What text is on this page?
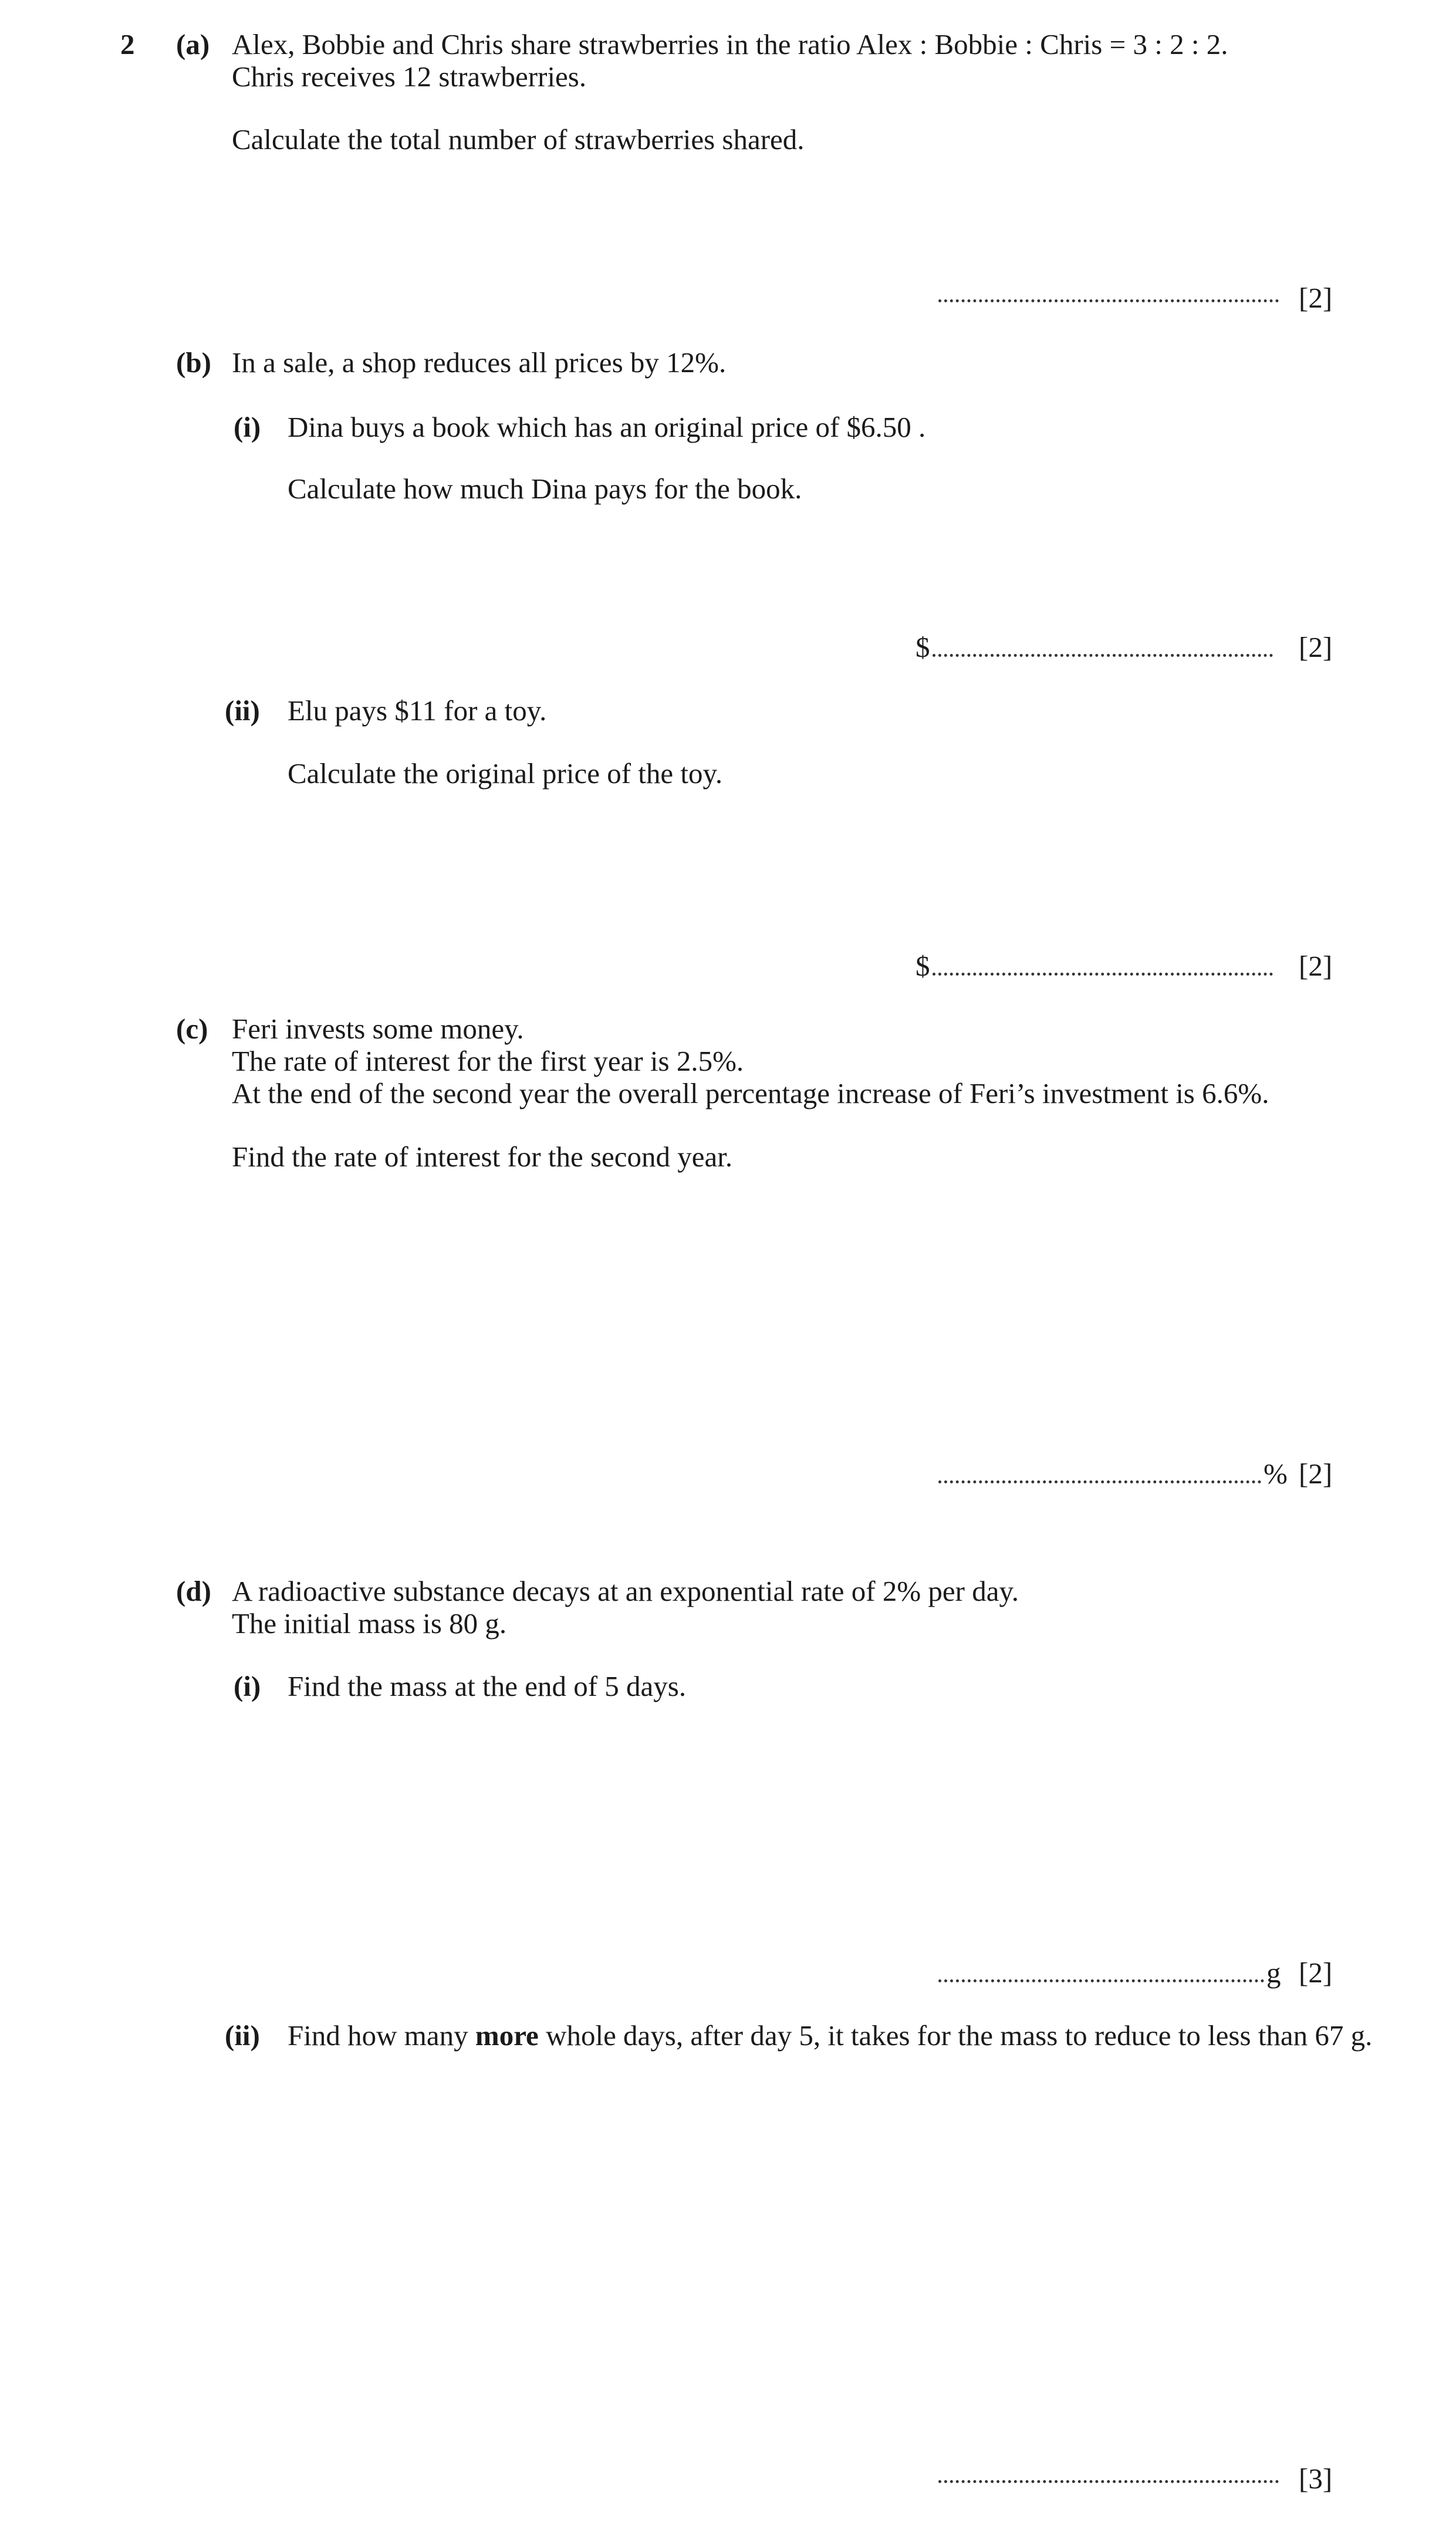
2 (a) Alex, Bobbie and Chris share strawberries in the ratio Alex : Bobbie : Chris = 3 : 2 : 2.
Chris receives 12 strawberries.
Calculate the total number of strawberries shared.
[2]
(b) In a sale, a shop reduces all prices by 12%.
(i) Dina buys a book which has an original price of $6.50 .
Calculate how much Dina pays for the book.
$	[2]
(ii) Elu pays $11 for a toy.
Calculate the original price of the toy.
$	[2]
(c) Feri invests some money.
The rate of interest for the first year is 2.5%.
At the end of the second year the overall percentage increase of Feri’s investment is 6.6%.
Find the rate of interest for the second year.
% [2]
(d) A radioactive substance decays at an exponential rate of 2% per day.
The initial mass is 80 g.
(i) Find the mass at the end of 5 days.
g [2]
(ii) Find how many more whole days, after day 5, it takes for the mass to reduce to less than 67 g.
[3]
